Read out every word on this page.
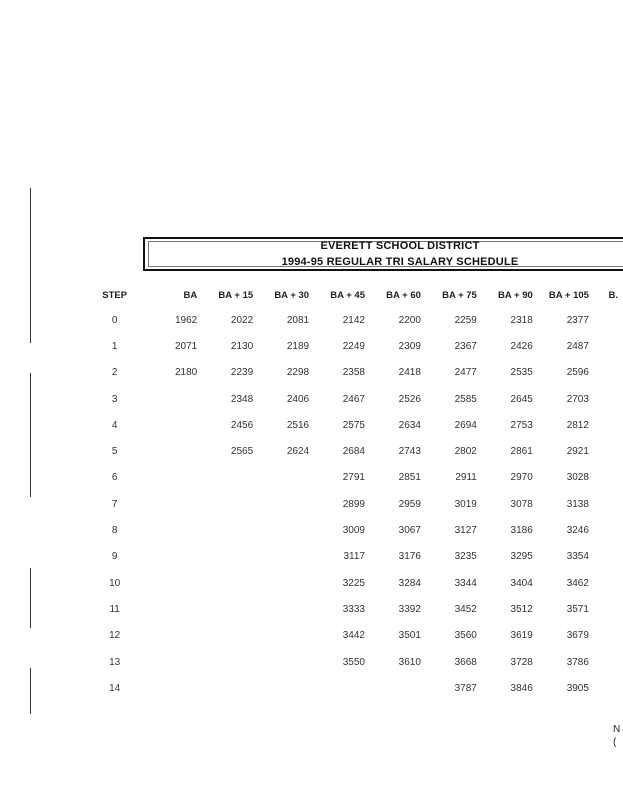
EVERETT SCHOOL DISTRICT
1994-95 REGULAR TRI SALARY SCHEDULE
STEP	BA	BA + 15	BA + 30	BA + 45	BA + 60	BA + 75	BA + 90	BA + 105	B.
0	1962	2022	2081	2142	2200	2259	2318	2377	
1	2071	2130	2189	2249	2309	2367	2426	2487	
2	2180	2239	2298	2358	2418	2477	2535	2596	
3		2348	2406	2467	2526	2585	2645	2703	
4		2456	2516	2575	2634	2694	2753	2812	
5		2565	2624	2684	2743	2802	2861	2921	
6				2791	2851	2911	2970	3028	
7				2899	2959	3019	3078	3138	
8				3009	3067	3127	3186	3246	
9				3117	3176	3235	3295	3354	
10				3225	3284	3344	3404	3462	
11				3333	3392	3452	3512	3571	
12				3442	3501	3560	3619	3679	
13				3550	3610	3668	3728	3786	
14						3787	3846	3905	
N
(
